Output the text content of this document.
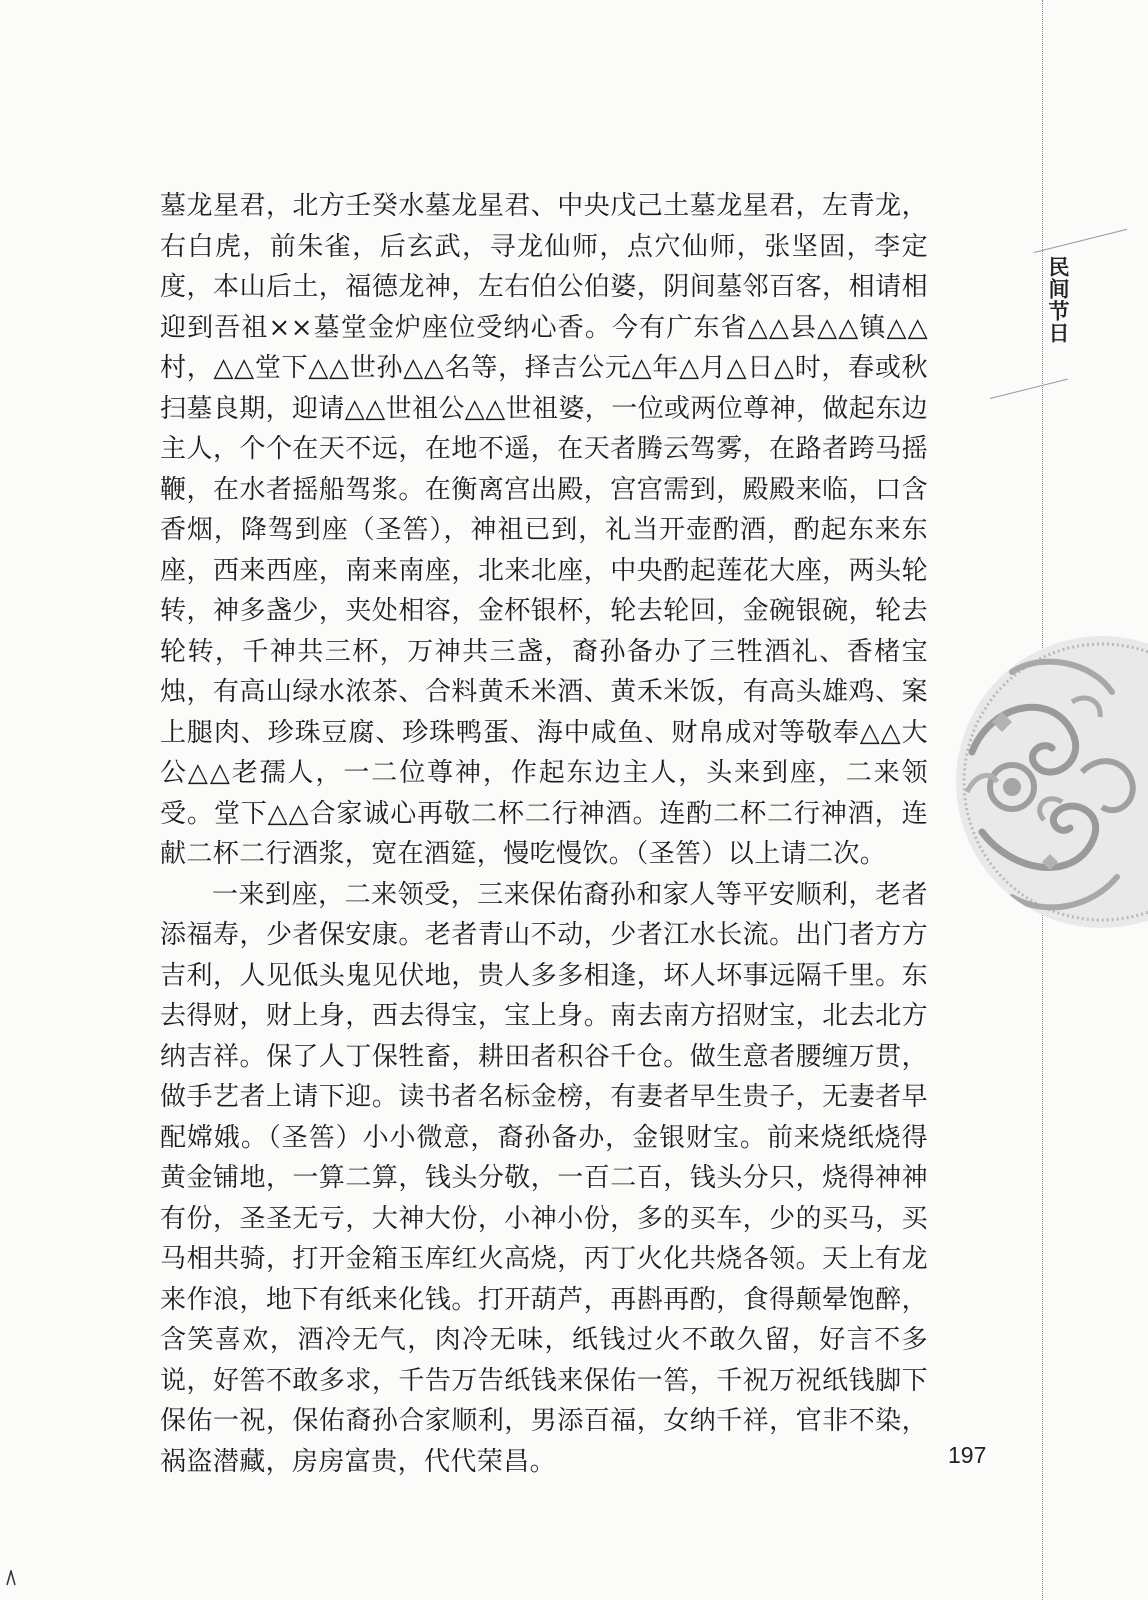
民间节日

墓龙星君，北方壬癸水墓龙星君、中央戊己土墓龙星君，左青龙，右白虎，前朱雀，后玄武，寻龙仙师，点穴仙师，张坚固，李定度，本山后土，福德龙神，左右伯公伯婆，阴间墓邻百客，相请相迎到吾祖××墓堂金炉座位受纳心香。今有广东省△△县△△镇△△村，△△堂下△△世孙△△名等，择吉公元△年△月△日△时，春或秋扫墓良期，迎请△△世祖公△△世祖婆，一位或两位尊神，做起东边主人，个个在天不远，在地不遥，在天者腾云驾雾，在路者跨马摇鞭，在水者摇船驾浆。在衡离宫出殿，宫宫需到，殿殿来临，口含香烟，降驾到座（圣筶），神祖已到，礼当开壶酌酒，酌起东来东座，西来西座，南来南座，北来北座，中央酌起莲花大座，两头轮转，神多盏少，夹处相容，金杯银杯，轮去轮回，金碗银碗，轮去轮转，千神共三杯，万神共三盏，裔孙备办了三牲酒礼、香楮宝烛，有高山绿水浓茶、合料黄禾米酒、黄禾米饭，有高头雄鸡、案上腿肉、珍珠豆腐、珍珠鸭蛋、海中咸鱼、财帛成对等敬奉△△大公△△老孺人，一二位尊神，作起东边主人，头来到座，二来领受。堂下△△合家诚心再敬二杯二行神酒。连酌二杯二行神酒，连献二杯二行酒浆，宽在酒筵，慢吃慢饮。（圣筶）以上请二次。

一来到座，二来领受，三来保佑裔孙和家人等平安顺利，老者添福寿，少者保安康。老者青山不动，少者江水长流。出门者方方吉利，人见低头鬼见伏地，贵人多多相逢，坏人坏事远隔千里。东去得财，财上身，西去得宝，宝上身。南去南方招财宝，北去北方纳吉祥。保了人丁保牲畜，耕田者积谷千仓。做生意者腰缠万贯，做手艺者上请下迎。读书者名标金榜，有妻者早生贵子，无妻者早配嫦娥。（圣筶）小小微意，裔孙备办，金银财宝。前来烧纸烧得黄金铺地，一算二算，钱头分敬，一百二百，钱头分只，烧得神神有份，圣圣无亏，大神大份，小神小份，多的买车，少的买马，买马相共骑，打开金箱玉库红火高烧，丙丁火化共烧各领。天上有龙来作浪，地下有纸来化钱。打开葫芦，再斟再酌，食得颠晕饱醉，含笑喜欢，酒冷无气，肉冷无味，纸钱过火不敢久留，好言不多说，好筶不敢多求，千告万告纸钱来保佑一筶，千祝万祝纸钱脚下保佑一祝，保佑裔孙合家顺利，男添百福，女纳千祥，官非不染，祸盗潜藏，房房富贵，代代荣昌。	197
